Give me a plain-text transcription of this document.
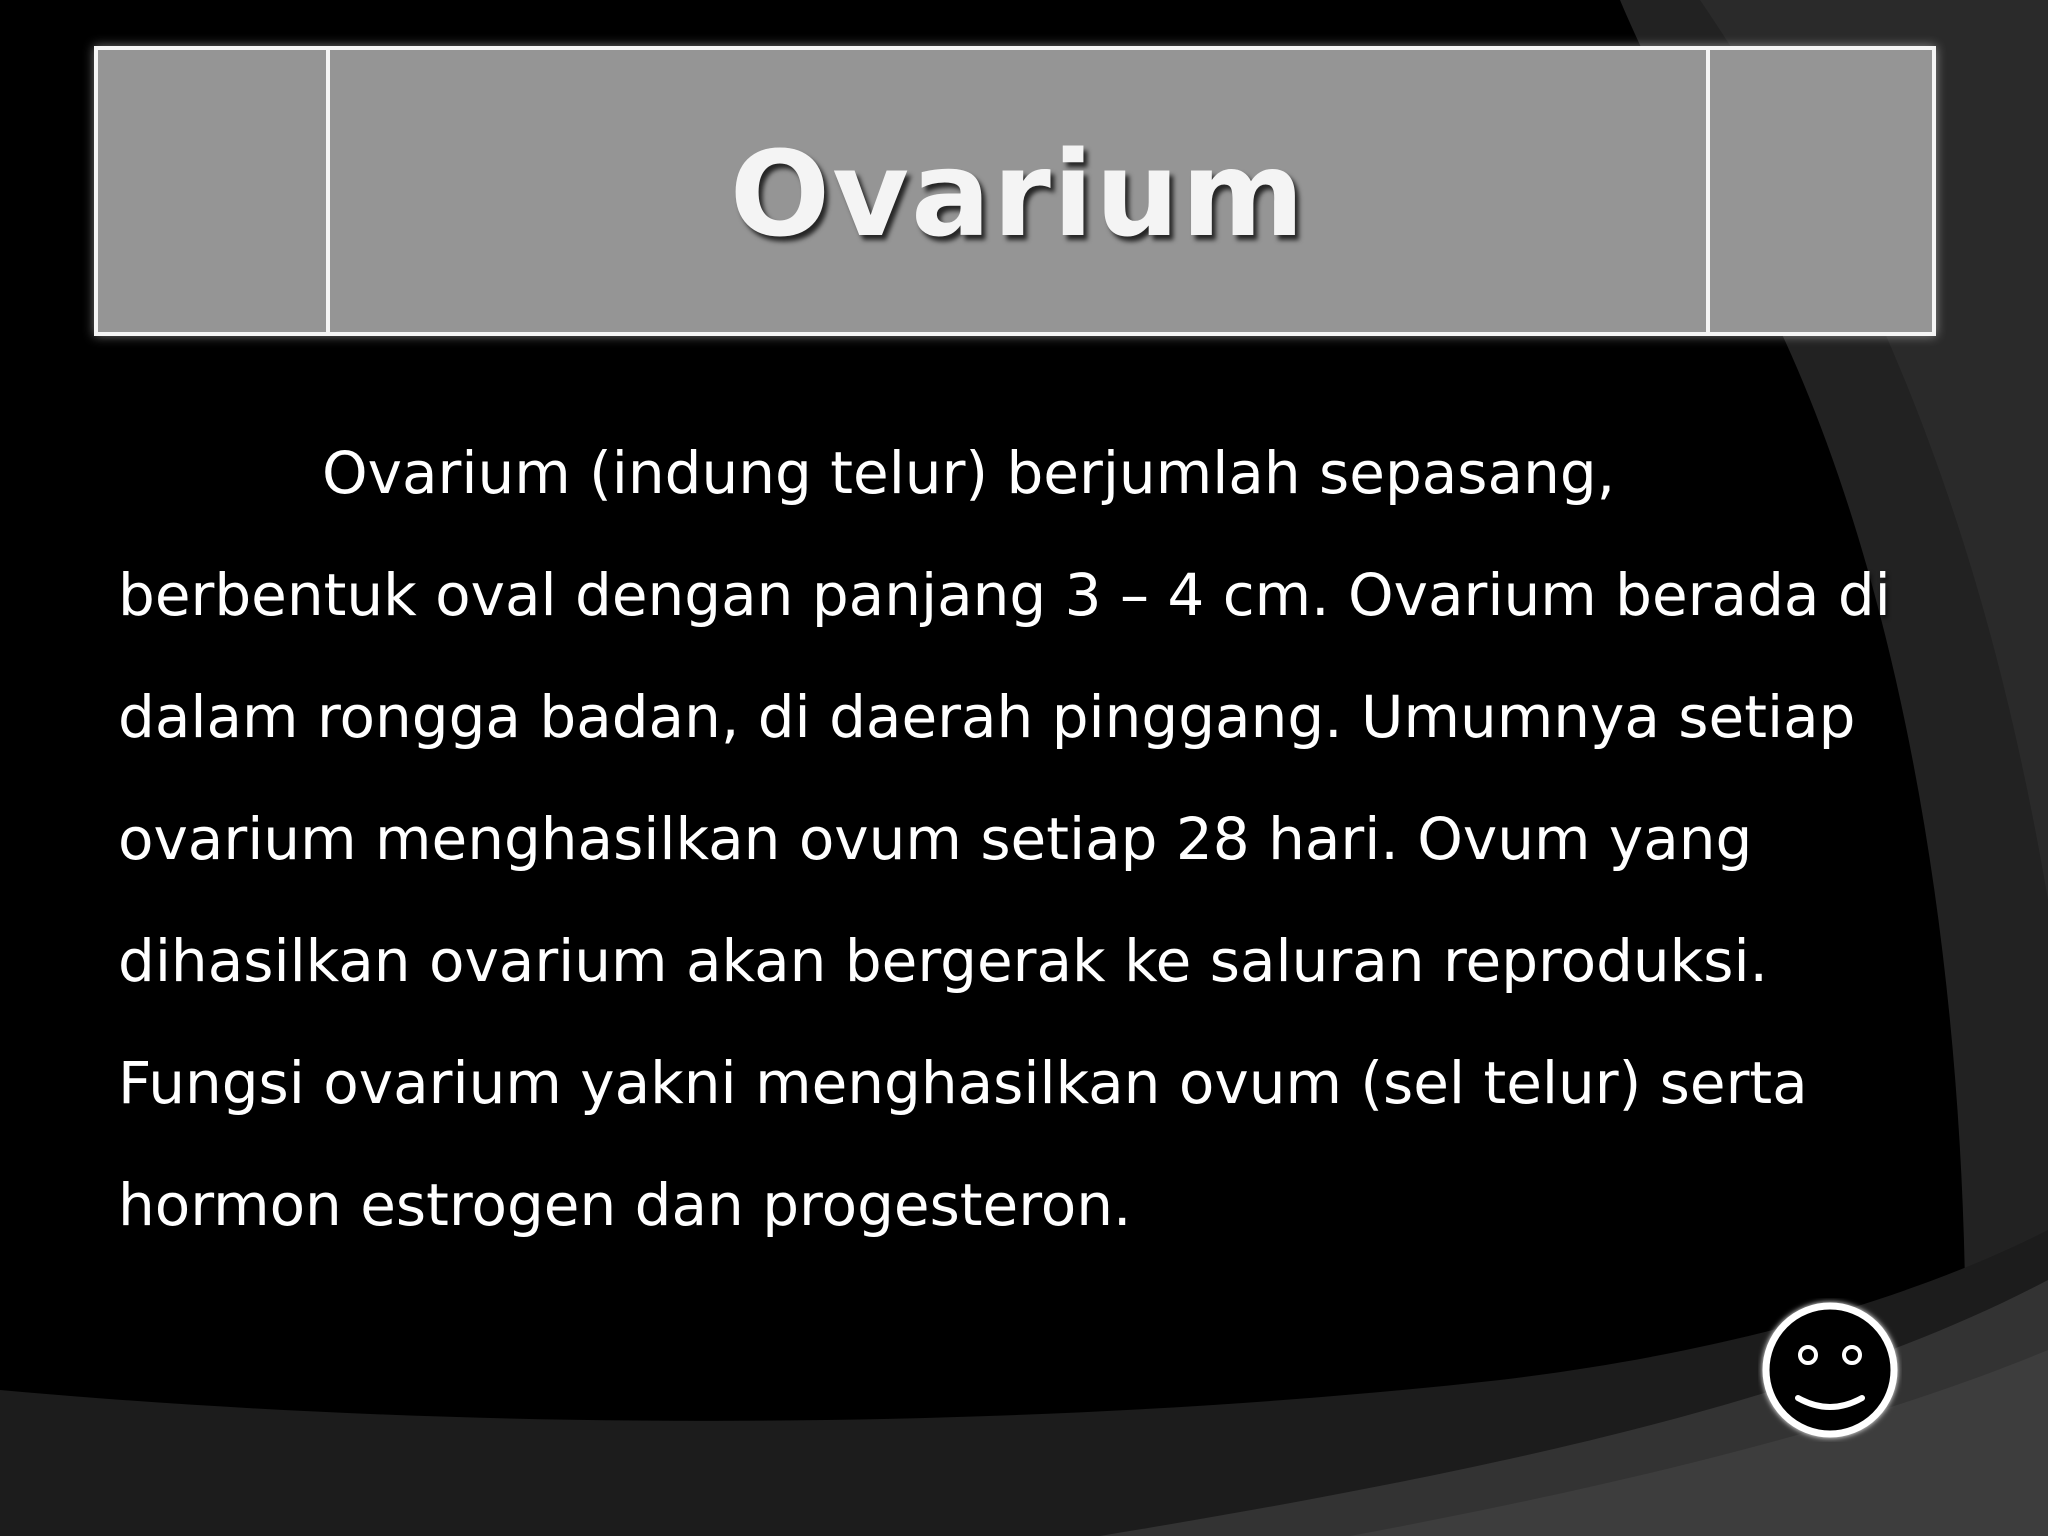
Ovarium

Ovarium (indung telur) berjumlah sepasang, berbentuk oval dengan panjang 3 – 4 cm. Ovarium berada di dalam rongga badan, di daerah pinggang. Umumnya setiap ovarium menghasilkan ovum setiap 28 hari. Ovum yang dihasilkan ovarium akan bergerak ke saluran reproduksi.

Fungsi ovarium yakni menghasilkan ovum (sel telur) serta hormon estrogen dan progesteron.
